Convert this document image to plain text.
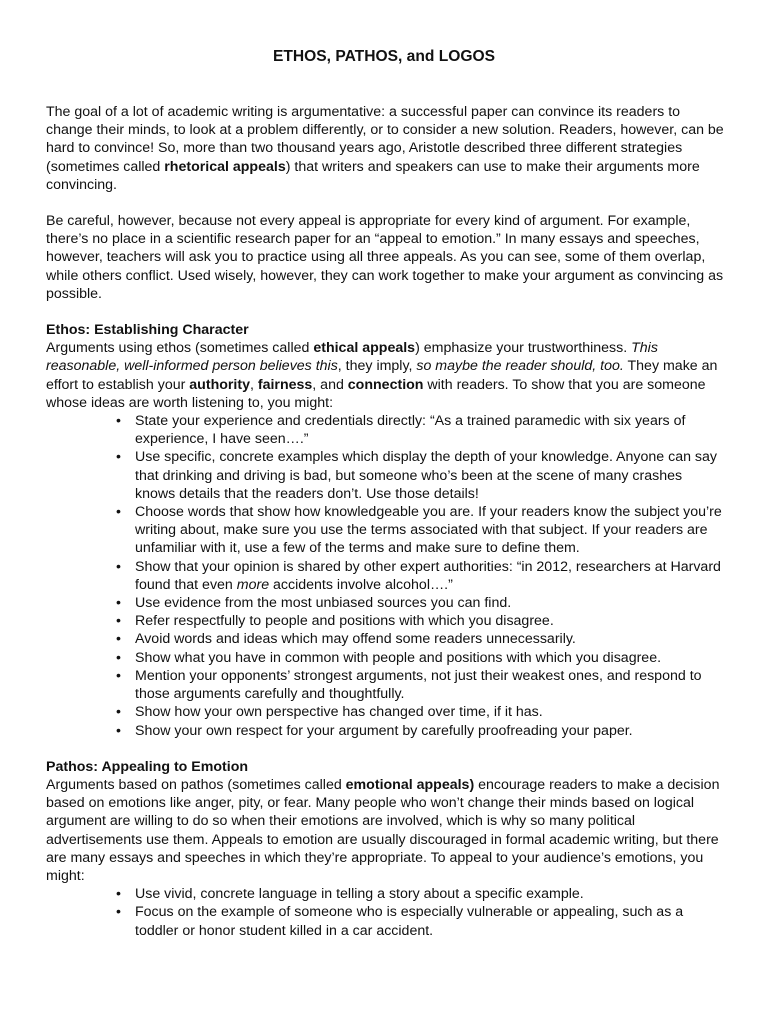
ETHOS, PATHOS, and LOGOS

The goal of a lot of academic writing is argumentative: a successful paper can convince its readers to change their minds, to look at a problem differently, or to consider a new solution. Readers, however, can be hard to convince! So, more than two thousand years ago, Aristotle described three different strategies (sometimes called rhetorical appeals) that writers and speakers can use to make their arguments more convincing.

Be careful, however, because not every appeal is appropriate for every kind of argument. For example, there’s no place in a scientific research paper for an “appeal to emotion.” In many essays and speeches, however, teachers will ask you to practice using all three appeals. As you can see, some of them overlap, while others conflict. Used wisely, however, they can work together to make your argument as convincing as possible.

Ethos: Establishing Character

Arguments using ethos (sometimes called ethical appeals) emphasize your trustworthiness. This reasonable, well-informed person believes this, they imply, so maybe the reader should, too. They make an effort to establish your authority, fairness, and connection with readers. To show that you are someone whose ideas are worth listening to, you might:

• State your experience and credentials directly: “As a trained paramedic with six years of experience, I have seen….”
• Use specific, concrete examples which display the depth of your knowledge. Anyone can say that drinking and driving is bad, but someone who’s been at the scene of many crashes knows details that the readers don’t. Use those details!
• Choose words that show how knowledgeable you are. If your readers know the subject you’re writing about, make sure you use the terms associated with that subject. If your readers are unfamiliar with it, use a few of the terms and make sure to define them.
• Show that your opinion is shared by other expert authorities: “in 2012, researchers at Harvard found that even more accidents involve alcohol….”
• Use evidence from the most unbiased sources you can find.
• Refer respectfully to people and positions with which you disagree.
• Avoid words and ideas which may offend some readers unnecessarily.
• Show what you have in common with people and positions with which you disagree.
• Mention your opponents’ strongest arguments, not just their weakest ones, and respond to those arguments carefully and thoughtfully.
• Show how your own perspective has changed over time, if it has.
• Show your own respect for your argument by carefully proofreading your paper.

Pathos: Appealing to Emotion

Arguments based on pathos (sometimes called emotional appeals) encourage readers to make a decision based on emotions like anger, pity, or fear. Many people who won’t change their minds based on logical argument are willing to do so when their emotions are involved, which is why so many political advertisements use them. Appeals to emotion are usually discouraged in formal academic writing, but there are many essays and speeches in which they’re appropriate. To appeal to your audience’s emotions, you might:

• Use vivid, concrete language in telling a story about a specific example.
• Focus on the example of someone who is especially vulnerable or appealing, such as a toddler or honor student killed in a car accident.
